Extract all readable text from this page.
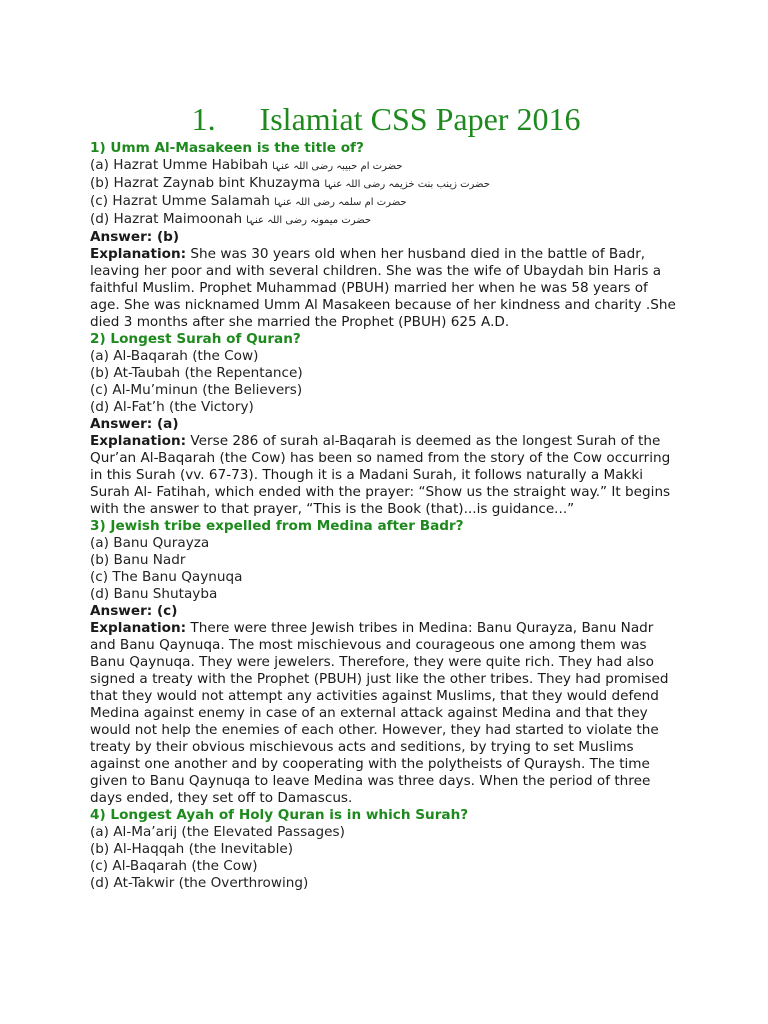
1. Islamiat CSS Paper 2016

1) Umm Al-Masakeen is the title of?

(a) Hazrat Umme Habibah حضرت ام حبیبہ رضی اللہ عنہا

(b) Hazrat Zaynab bint Khuzayma حضرت زینب بنت خزیمہ رضی اللہ عنہا

(c) Hazrat Umme Salamah حضرت ام سلمہ رضی اللہ عنہا

(d) Hazrat Maimoonah حضرت میمونہ رضی اللہ عنہا

Answer: (b)

Explanation: She was 30 years old when her husband died in the battle of Badr, leaving her poor and with several children. She was the wife of Ubaydah bin Haris a faithful Muslim. Prophet Muhammad (PBUH) married her when he was 58 years of age. She was nicknamed Umm Al Masakeen because of her kindness and charity .She died 3 months after she married the Prophet (PBUH) 625 A.D.

2) Longest Surah of Quran?

(a) Al-Baqarah (the Cow)

(b) At-Taubah (the Repentance)

(c) Al-Mu’minun (the Believers)

(d) Al-Fat’h (the Victory)

Answer: (a)

Explanation: Verse 286 of surah al-Baqarah is deemed as the longest Surah of the Qur’an Al-Baqarah (the Cow) has been so named from the story of the Cow occurring in this Surah (vv. 67-73). Though it is a Madani Surah, it follows naturally a Makki Surah Al- Fatihah, which ended with the prayer: “Show us the straight way.” It begins with the answer to that prayer, “This is the Book (that)...is guidance...”

3) Jewish tribe expelled from Medina after Badr?

(a) Banu Qurayza

(b) Banu Nadr

(c) The Banu Qaynuqa

(d) Banu Shutayba

Answer: (c)

Explanation: There were three Jewish tribes in Medina: Banu Qurayza, Banu Nadr and Banu Qaynuqa. The most mischievous and courageous one among them was Banu Qaynuqa. They were jewelers. Therefore, they were quite rich. They had also signed a treaty with the Prophet (PBUH) just like the other tribes. They had promised that they would not attempt any activities against Muslims, that they would defend Medina against enemy in case of an external attack against Medina and that they would not help the enemies of each other. However, they had started to violate the treaty by their obvious mischievous acts and seditions, by trying to set Muslims against one another and by cooperating with the polytheists of Quraysh. The time given to Banu Qaynuqa to leave Medina was three days. When the period of three days ended, they set off to Damascus.

4) Longest Ayah of Holy Quran is in which Surah?

(a) Al-Ma’arij (the Elevated Passages)

(b) Al-Haqqah (the Inevitable)

(c) Al-Baqarah (the Cow)

(d) At-Takwir (the Overthrowing)
